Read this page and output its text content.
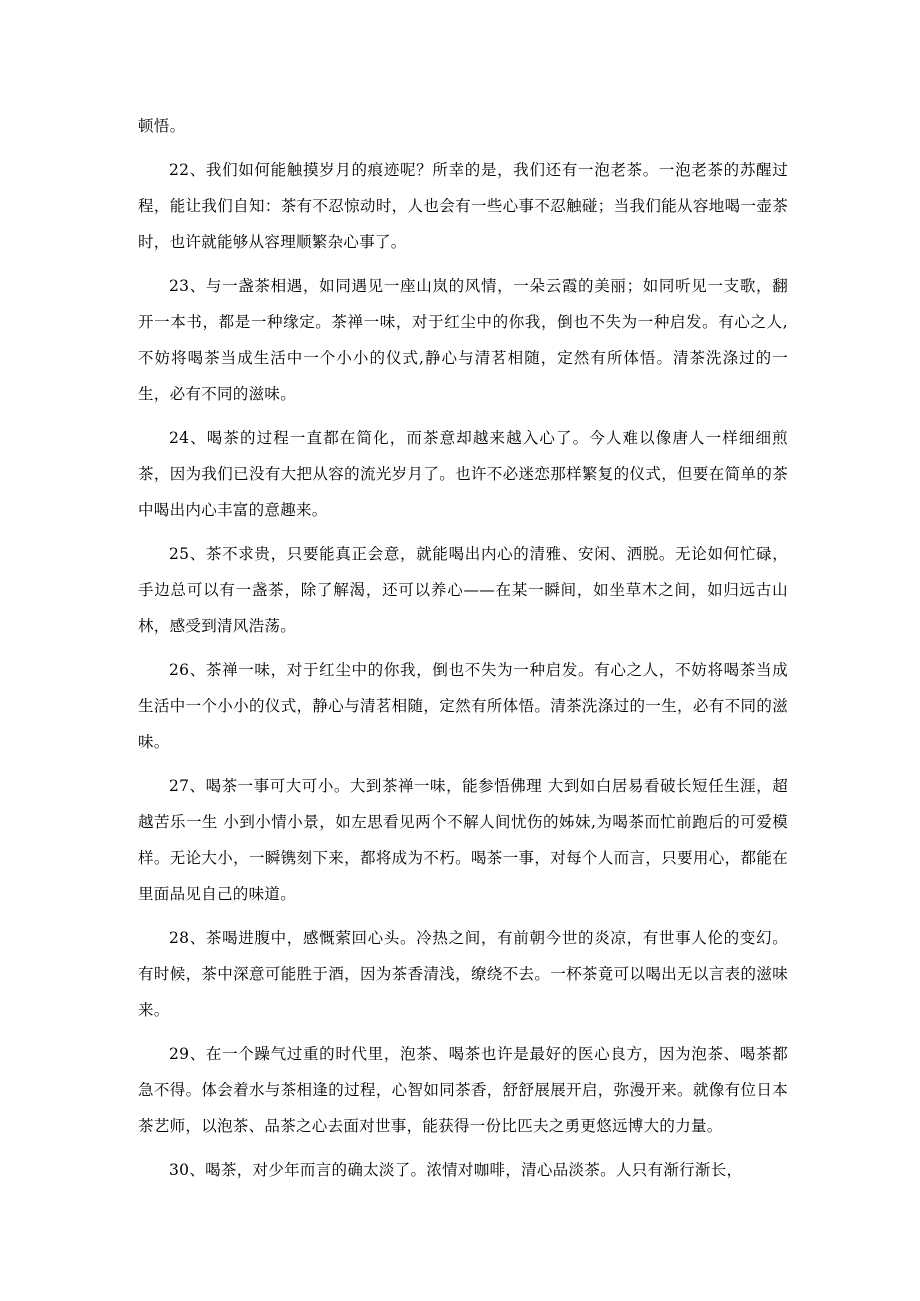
顿悟。

22、我们如何能触摸岁月的痕迹呢？所幸的是，我们还有一泡老茶。一泡老茶的苏醒过程，能让我们自知：茶有不忍惊动时，人也会有一些心事不忍触碰；当我们能从容地喝一壶茶时，也许就能够从容理顺繁杂心事了。

23、与一盏茶相遇，如同遇见一座山岚的风情，一朵云霞的美丽；如同听见一支歌，翻开一本书，都是一种缘定。茶禅一味，对于红尘中的你我，倒也不失为一种启发。有心之人,不妨将喝茶当成生活中一个小小的仪式,静心与清茗相随，定然有所体悟。清茶洗涤过的一生，必有不同的滋味。

24、喝茶的过程一直都在简化，而茶意却越来越入心了。今人难以像唐人一样细细煎茶，因为我们已没有大把从容的流光岁月了。也许不必迷恋那样繁复的仪式，但要在简单的茶中喝出内心丰富的意趣来。

25、茶不求贵，只要能真正会意，就能喝出内心的清雅、安闲、洒脱。无论如何忙碌，手边总可以有一盏茶，除了解渴，还可以养心——在某一瞬间，如坐草木之间，如归远古山林，感受到清风浩荡。

26、茶禅一味，对于红尘中的你我，倒也不失为一种启发。有心之人，不妨将喝茶当成生活中一个小小的仪式，静心与清茗相随，定然有所体悟。清茶洗涤过的一生，必有不同的滋味。

27、喝茶一事可大可小。大到茶禅一味，能参悟佛理 大到如白居易看破长短任生涯，超越苦乐一生 小到小情小景，如左思看见两个不解人间忧伤的姊妹,为喝茶而忙前跑后的可爱模样。无论大小，一瞬镌刻下来，都将成为不朽。喝茶一事，对每个人而言，只要用心，都能在里面品见自己的味道。

28、茶喝进腹中，感慨萦回心头。冷热之间，有前朝今世的炎凉，有世事人伦的变幻。有时候，茶中深意可能胜于酒，因为茶香清浅，缭绕不去。一杯茶竟可以喝出无以言表的滋味来。

29、在一个躁气过重的时代里，泡茶、喝茶也许是最好的医心良方，因为泡茶、喝茶都急不得。体会着水与茶相逢的过程，心智如同茶香，舒舒展展开启，弥漫开来。就像有位日本茶艺师，以泡茶、品茶之心去面对世事，能获得一份比匹夫之勇更悠远博大的力量。

30、喝茶，对少年而言的确太淡了。浓情对咖啡，清心品淡茶。人只有渐行渐长，
